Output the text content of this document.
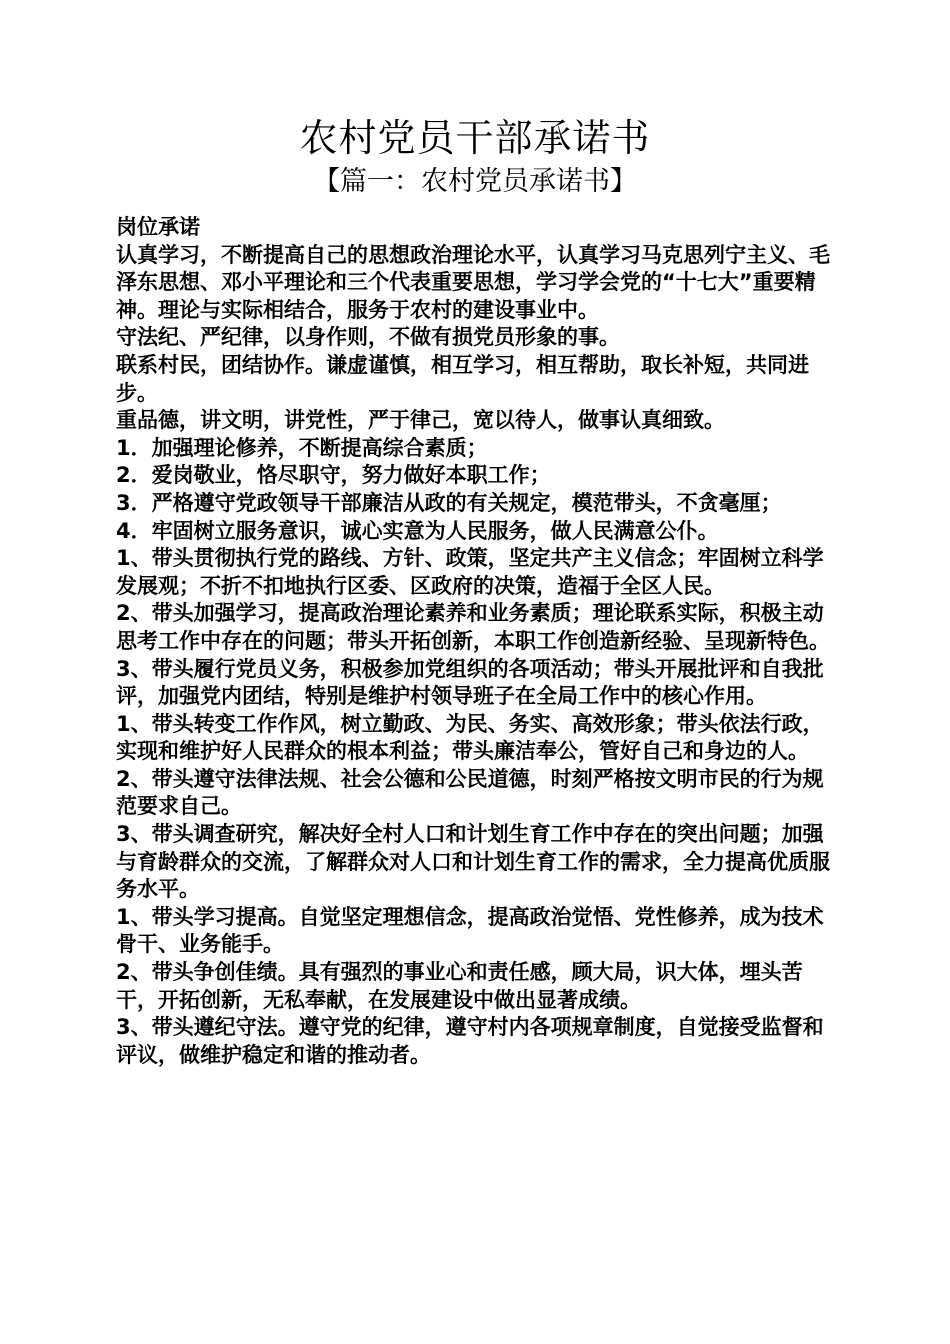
农村党员干部承诺书
【篇一：农村党员承诺书】

岗位承诺

认真学习，不断提高自己的思想政治理论水平，认真学习马克思列宁主义、毛泽东思想、邓小平理论和三个代表重要思想，学习学会党的“十七大”重要精神。理论与实际相结合，服务于农村的建设事业中。

守法纪、严纪律，以身作则，不做有损党员形象的事。

联系村民，团结协作。谦虚谨慎，相互学习，相互帮助，取长补短，共同进步。

重品德，讲文明，讲党性，严于律己，宽以待人，做事认真细致。

1．加强理论修养，不断提高综合素质；

2．爱岗敬业，恪尽职守，努力做好本职工作；

3．严格遵守党政领导干部廉洁从政的有关规定，模范带头，不贪毫厘；

4．牢固树立服务意识，诚心实意为人民服务，做人民满意公仆。

1、带头贯彻执行党的路线、方针、政策，坚定共产主义信念；牢固树立科学发展观；不折不扣地执行区委、区政府的决策，造福于全区人民。

2、带头加强学习，提高政治理论素养和业务素质；理论联系实际，积极主动思考工作中存在的问题；带头开拓创新，本职工作创造新经验、呈现新特色。

3、带头履行党员义务，积极参加党组织的各项活动；带头开展批评和自我批评，加强党内团结，特别是维护村领导班子在全局工作中的核心作用。

1、带头转变工作作风，树立勤政、为民、务实、高效形象；带头依法行政，实现和维护好人民群众的根本利益；带头廉洁奉公，管好自己和身边的人。

2、带头遵守法律法规、社会公德和公民道德，时刻严格按文明市民的行为规范要求自己。

3、带头调查研究，解决好全村人口和计划生育工作中存在的突出问题；加强与育龄群众的交流，了解群众对人口和计划生育工作的需求，全力提高优质服务水平。

1、带头学习提高。自觉坚定理想信念，提高政治觉悟、党性修养，成为技术骨干、业务能手。

2、带头争创佳绩。具有强烈的事业心和责任感，顾大局，识大体，埋头苦干，开拓创新，无私奉献，在发展建设中做出显著成绩。

3、带头遵纪守法。遵守党的纪律，遵守村内各项规章制度，自觉接受监督和评议，做维护稳定和谐的推动者。
